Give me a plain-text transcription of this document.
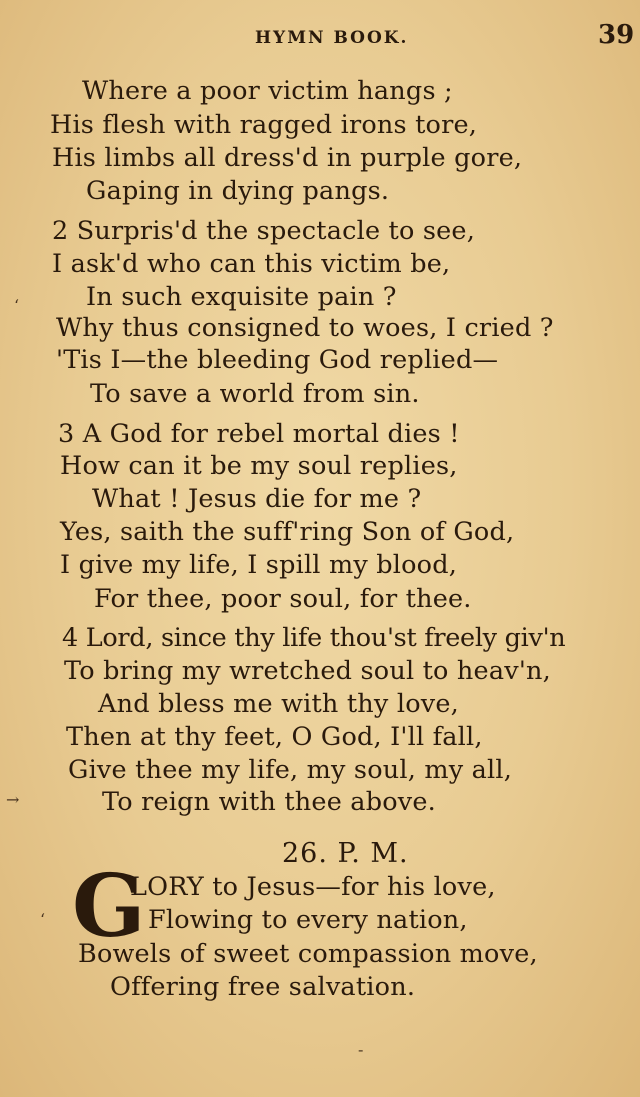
HYMN BOOK.	39
Where a poor victim hangs ;
His flesh with ragged irons tore,
His limbs all dress'd in purple gore,
Gaping in dying pangs.
2 Surpris'd the spectacle to see,
I ask'd who can this victim be,
In such exquisite pain ?
Why thus consigned to woes, I cried ?
'Tis I—the bleeding God replied—
To save a world from sin.
3 A God for rebel mortal dies !
How can it be my soul replies,
What ! Jesus die for me ?
Yes, saith the suff'ring Son of God,
I give my life, I spill my blood,
For thee, poor soul, for thee.
4 Lord, since thy life thou'st freely giv'n
To bring my wretched soul to heav'n,
And bless me with thy love,
Then at thy feet, O God, I'll fall,
Give thee my life, my soul, my all,
To reign with thee above.
26. P. M.
G
LORY to Jesus—for his love,
Flowing to every nation,
Bowels of sweet compassion move,
Offering free salvation.
‘
→
‘
-
